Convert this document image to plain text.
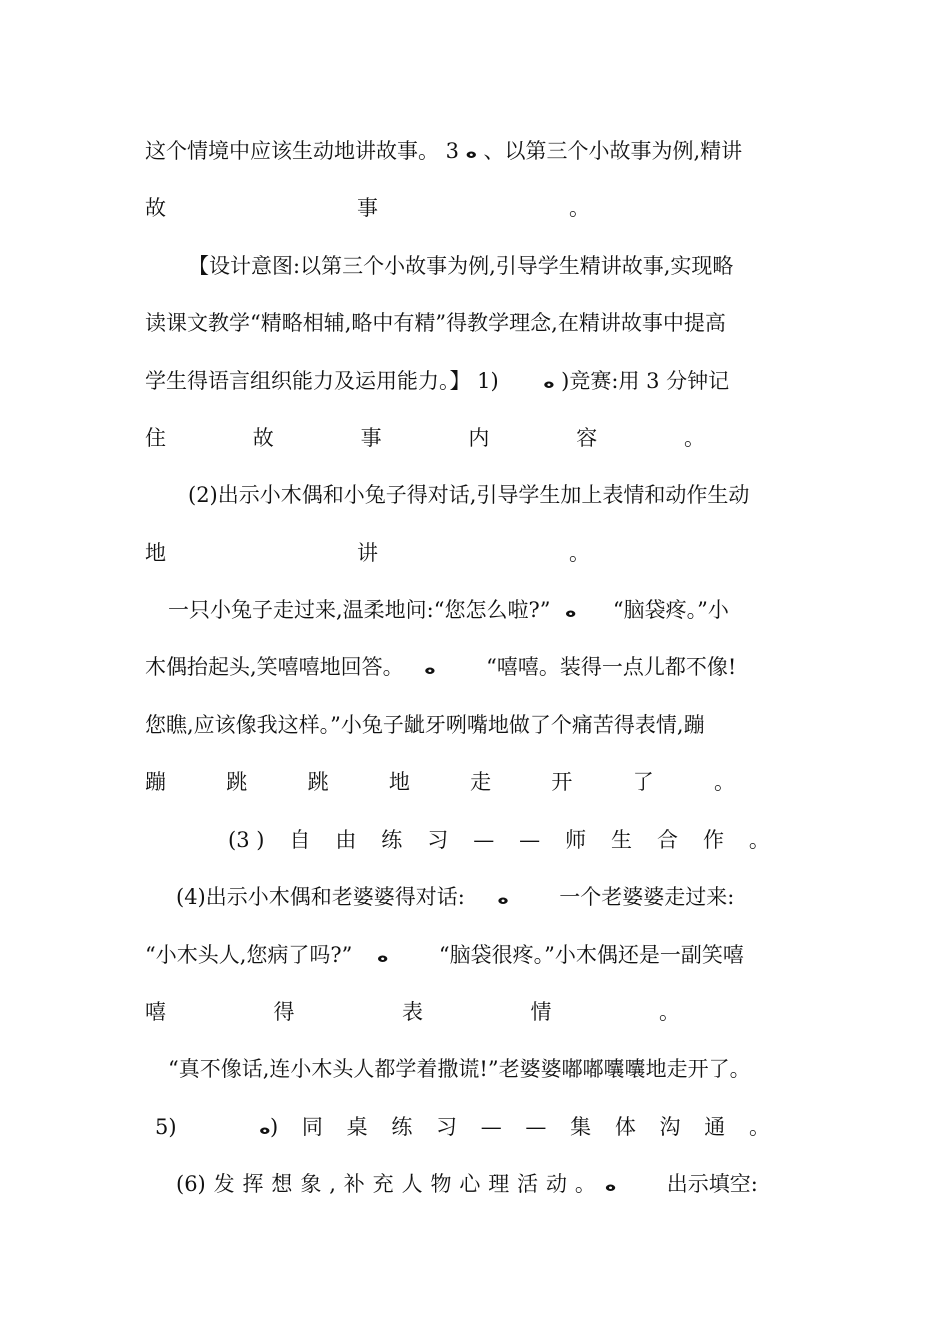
这个情境中应该生动地讲故事。 3 ⴰ 、以第三个小故事为例,精讲
故	事	。
【设计意图:以第三个小故事为例,引导学生精讲故事,实现略
读课文教学“精略相辅,略中有精”得教学理念,在精讲故事中提高
学生得语言组织能力及运用能力。】 1)	ⴰ )竞赛:用 3 分钟记
住	故	事	内	容	。
(2)出示小木偶和小兔子得对话,引导学生加上表情和动作生动
地	讲	。
一只小兔子走过来,温柔地问:“您怎么啦?” ⴰ “脑袋疼。”小
木偶抬起头,笑嘻嘻地回答。 ⴰ “嘻嘻。装得一点儿都不像!
您瞧,应该像我这样。”小兔子龇牙咧嘴地做了个痛苦得表情,蹦
蹦	跳	跳	地	走	开	了	。
(3 ) 自 由 练 习 — — 师 生 合 作 。
(4)出示小木偶和老婆婆得对话: ⴰ 一个老婆婆走过来:
“小木头人,您病了吗?” ⴰ “脑袋很疼。”小木偶还是一副笑嘻
嘻	得	表	情	。
“真不像话,连小木头人都学着撒谎!”老婆婆嘟嘟囔囔地走开了。
5)	ⴰ ) 同 桌 练 习 — — 集 体 沟 通 。
(6) 发 挥 想 象 , 补 充 人 物 心 理 活 动 。 ⴰ 出示填空:
